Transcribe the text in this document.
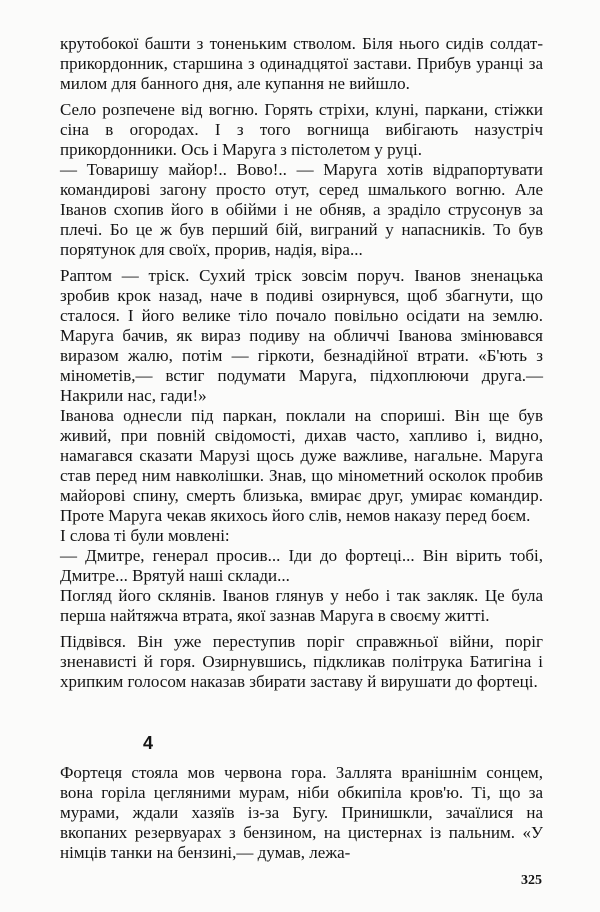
крутобокої башти з тоненьким стволом. Біля нього сидів солдат-прикордонник, старшина з одинадцятої застави. Прибув уранці за милом для банного дня, але купання не вийшло.

Село розпечене від вогню. Горять стріхи, клуні, паркани, стіжки сіна в огородах. І з того вогнища вибігають назустріч прикордонники. Ось і Маруга з пістолетом у руці.

— Товаришу майор!.. Вово!.. — Маруга хотів відрапортувати командирові загону просто отут, серед шмалького вогню. Але Іванов схопив його в обійми і не обняв, а зраділо струсонув за плечі. Бо це ж був перший бій, виграний у напасників. То був порятунок для своїх, прорив, надія, віра...

Раптом — тріск. Сухий тріск зовсім поруч. Іванов зненацька зробив крок назад, наче в подиві озирнувся, щоб збагнути, що сталося. І його велике тіло почало повільно осідати на землю. Маруга бачив, як вираз подиву на обличчі Іванова змінювався виразом жалю, потім — гіркоти, безнадійної втрати. «Б'ють з мінометів,— встиг подумати Маруга, підхоплюючи друга.— Накрили нас, гади!»

Іванова однесли під паркан, поклали на спориші. Він ще був живий, при повній свідомості, дихав часто, хапливо і, видно, намагався сказати Марузі щось дуже важливе, нагальне. Маруга став перед ним навколішки. Знав, що мінометний осколок пробив майорові спину, смерть близька, вмирає друг, умирає командир. Проте Маруга чекав якихось його слів, немов наказу перед боєм.

І слова ті були мовлені:

— Дмитре, генерал просив... Іди до фортеці... Він вірить тобі, Дмитре... Врятуй наші склади...

Погляд його склянів. Іванов глянув у небо і так закляк. Це була перша найтяжча втрата, якої зазнав Маруга в своєму житті.

Підвівся. Він уже переступив поріг справжньої війни, поріг зненависті й горя. Озирнувшись, підкликав політрука Батигіна і хрипким голосом наказав збирати заставу й вирушати до фортеці.

4

Фортеця стояла мов червона гора. Заллята вранішнім сонцем, вона горіла цегляними мурам, ніби обкипіла кров'ю. Ті, що за мурами, ждали хазяїв із-за Бугу. Принишкли, зачаїлися на вкопаних резервуарах з бензином, на цистернах із пальним. «У німців танки на бензині,— думав, лежа-

325
